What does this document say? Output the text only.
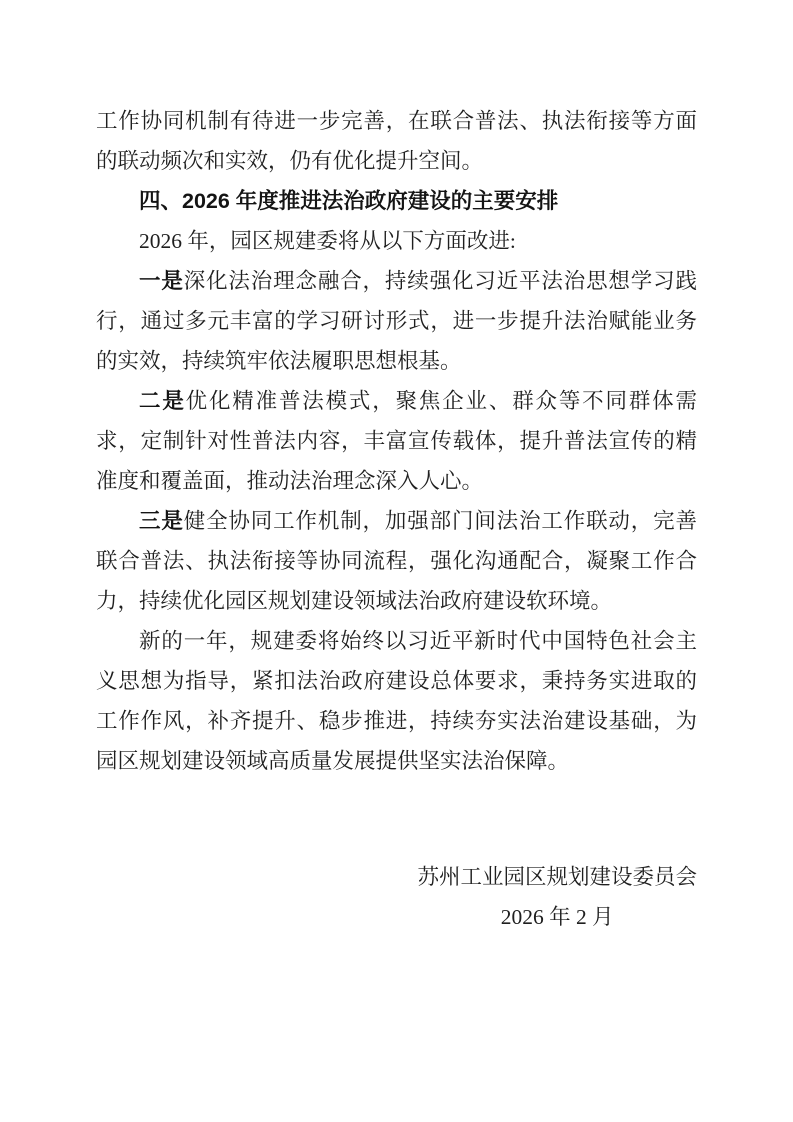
工作协同机制有待进一步完善，在联合普法、执法衔接等方面的联动频次和实效，仍有优化提升空间。

四、2026 年度推进法治政府建设的主要安排

2026 年，园区规建委将从以下方面改进:

一是深化法治理念融合，持续强化习近平法治思想学习践行，通过多元丰富的学习研讨形式，进一步提升法治赋能业务的实效，持续筑牢依法履职思想根基。

二是优化精准普法模式，聚焦企业、群众等不同群体需求，定制针对性普法内容，丰富宣传载体，提升普法宣传的精准度和覆盖面，推动法治理念深入人心。

三是健全协同工作机制，加强部门间法治工作联动，完善联合普法、执法衔接等协同流程，强化沟通配合，凝聚工作合力，持续优化园区规划建设领域法治政府建设软环境。

新的一年，规建委将始终以习近平新时代中国特色社会主义思想为指导，紧扣法治政府建设总体要求，秉持务实进取的工作作风，补齐提升、稳步推进，持续夯实法治建设基础，为园区规划建设领域高质量发展提供坚实法治保障。

苏州工业园区规划建设委员会
2026 年 2 月
